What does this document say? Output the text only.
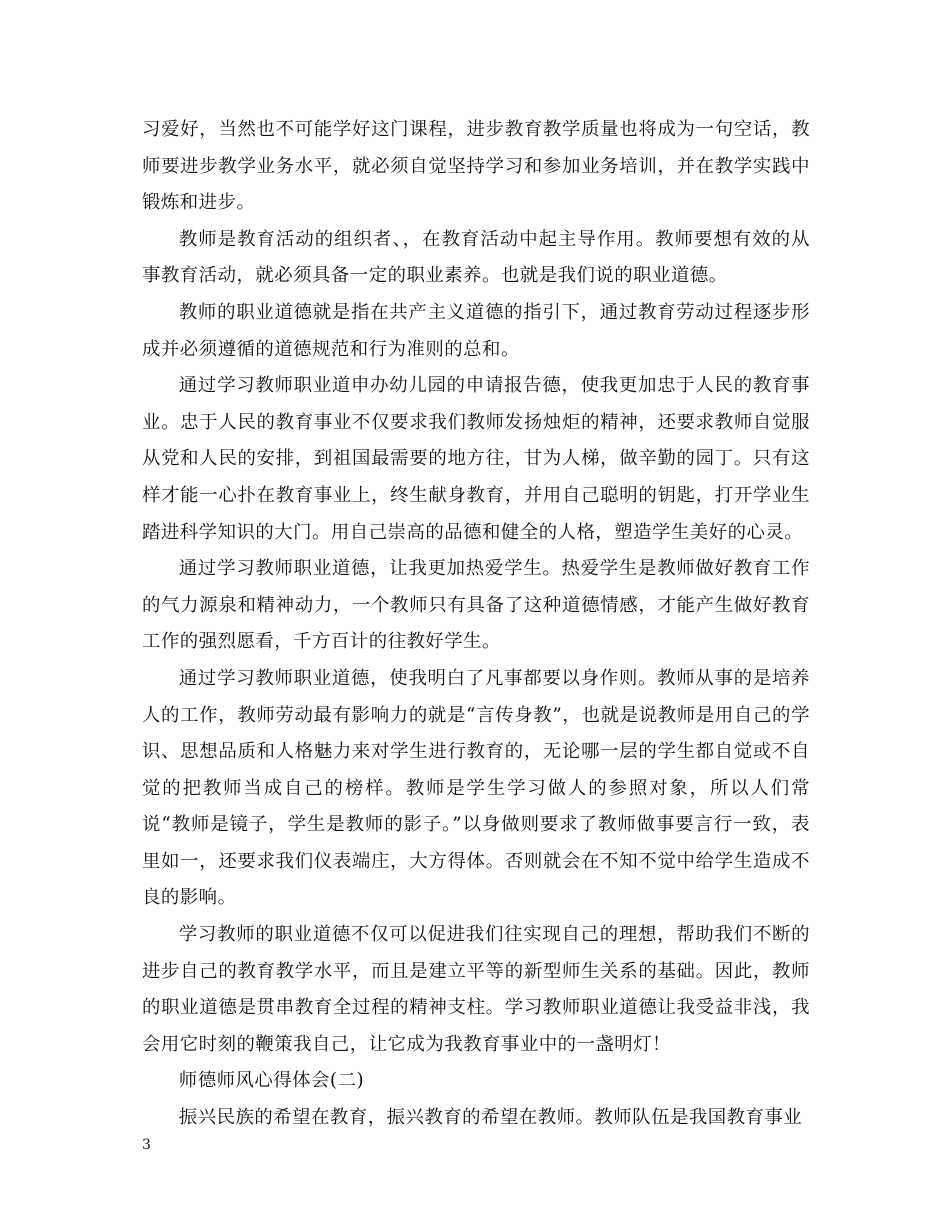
习爱好，当然也不可能学好这门课程，进步教育教学质量也将成为一句空话，教师要进步教学业务水平，就必须自觉坚持学习和参加业务培训，并在教学实践中锻炼和进步。

教师是教育活动的组织者、，在教育活动中起主导作用。教师要想有效的从事教育活动，就必须具备一定的职业素养。也就是我们说的职业道德。

教师的职业道德就是指在共产主义道德的指引下，通过教育劳动过程逐步形成并必须遵循的道德规范和行为准则的总和。

通过学习教师职业道申办幼儿园的申请报告德，使我更加忠于人民的教育事业。忠于人民的教育事业不仅要求我们教师发扬烛炬的精神，还要求教师自觉服从党和人民的安排，到祖国最需要的地方往，甘为人梯，做辛勤的园丁。只有这样才能一心扑在教育事业上，终生献身教育，并用自己聪明的钥匙，打开学业生踏进科学知识的大门。用自己崇高的品德和健全的人格，塑造学生美好的心灵。

通过学习教师职业道德，让我更加热爱学生。热爱学生是教师做好教育工作的气力源泉和精神动力，一个教师只有具备了这种道德情感，才能产生做好教育工作的强烈愿看，千方百计的往教好学生。

通过学习教师职业道德，使我明白了凡事都要以身作则。教师从事的是培养人的工作，教师劳动最有影响力的就是“言传身教”，也就是说教师是用自己的学识、思想品质和人格魅力来对学生进行教育的，无论哪一层的学生都自觉或不自觉的把教师当成自己的榜样。教师是学生学习做人的参照对象，所以人们常说“教师是镜子，学生是教师的影子。”以身做则要求了教师做事要言行一致，表里如一，还要求我们仪表端庄，大方得体。否则就会在不知不觉中给学生造成不良的影响。

学习教师的职业道德不仅可以促进我们往实现自己的理想，帮助我们不断的进步自己的教育教学水平，而且是建立平等的新型师生关系的基础。因此，教师的职业道德是贯串教育全过程的精神支柱。学习教师职业道德让我受益非浅，我会用它时刻的鞭策我自己，让它成为我教育事业中的一盏明灯！

师德师风心得体会(二)

振兴民族的希望在教育，振兴教育的希望在教师。教师队伍是我国教育事业

3
